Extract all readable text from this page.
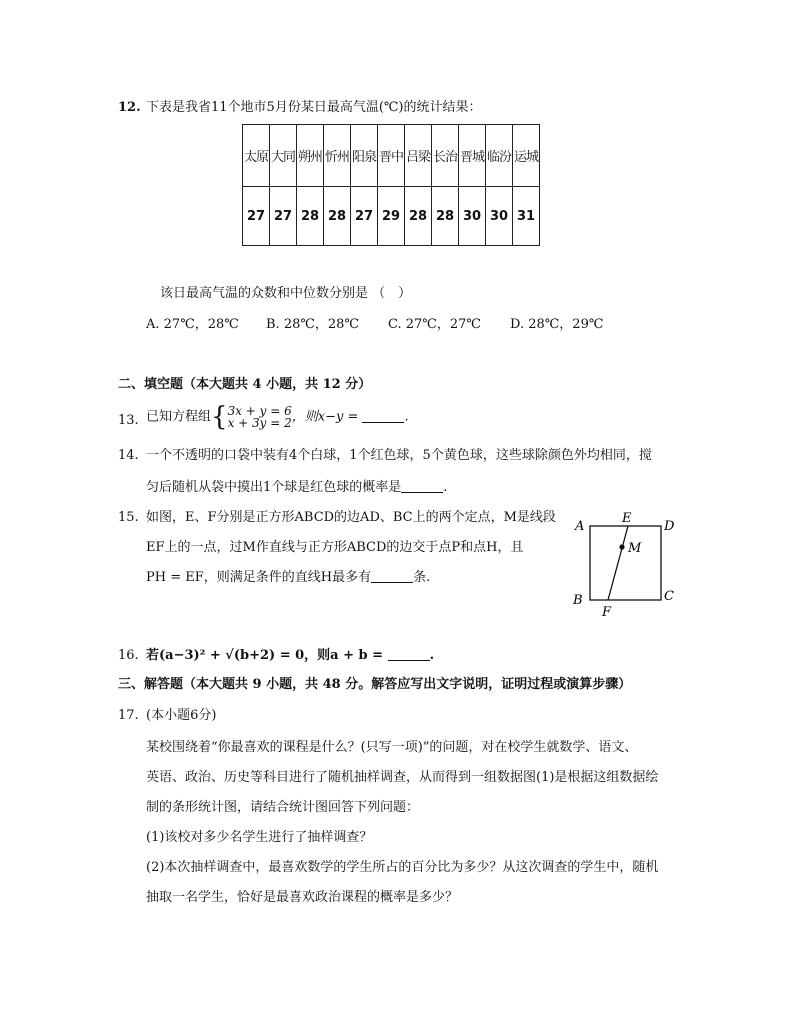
12. 下表是我省11个地市5月份某日最高气温(℃)的统计结果：
太原	大同	朔州	忻州	阳泉	晋中	吕梁	长治	晋城	临汾	运城
27	27	28	28	27	29	28	28	30	30	31
该日最高气温的众数和中位数分别是 （　）
A. 27℃，28℃ B. 28℃，28℃ C. 27℃，27℃ D. 28℃，29℃
二、填空题（本大题共 4 小题，共 12 分）
13. 已知方程组{3x + y = 6
x + 3y = 2，则x−y =	.
14. 一个不透明的口袋中装有4个白球，1个红色球，5个黄色球，这些球除颜色外均相同，搅
匀后随机从袋中摸出1个球是红色球的概率是	.
15. 如图，E、F分别是正方形ABCD的边AD、BC上的两个定点，M是线段
EF上的一点，过M作直线与正方形ABCD的边交于点P和点H，且
PH = EF，则满足条件的直线H最多有	条.
A	D
E
M
B	C
F
16. 若(a−3)² + √(b+2) = 0，则a + b =	.
三、解答题（本大题共 9 小题，共 48 分。解答应写出文字说明，证明过程或演算步骤）
17. (本小题6分)
某校围绕着“你最喜欢的课程是什么？(只写一项)”的问题，对在校学生就数学、语文、
英语、政治、历史等科目进行了随机抽样调查，从而得到一组数据图(1)是根据这组数据绘
制的条形统计图，请结合统计图回答下列问题：
(1)该校对多少名学生进行了抽样调查？
(2)本次抽样调查中，最喜欢数学的学生所占的百分比为多少？从这次调查的学生中，随机
抽取一名学生，恰好是最喜欢政治课程的概率是多少？
